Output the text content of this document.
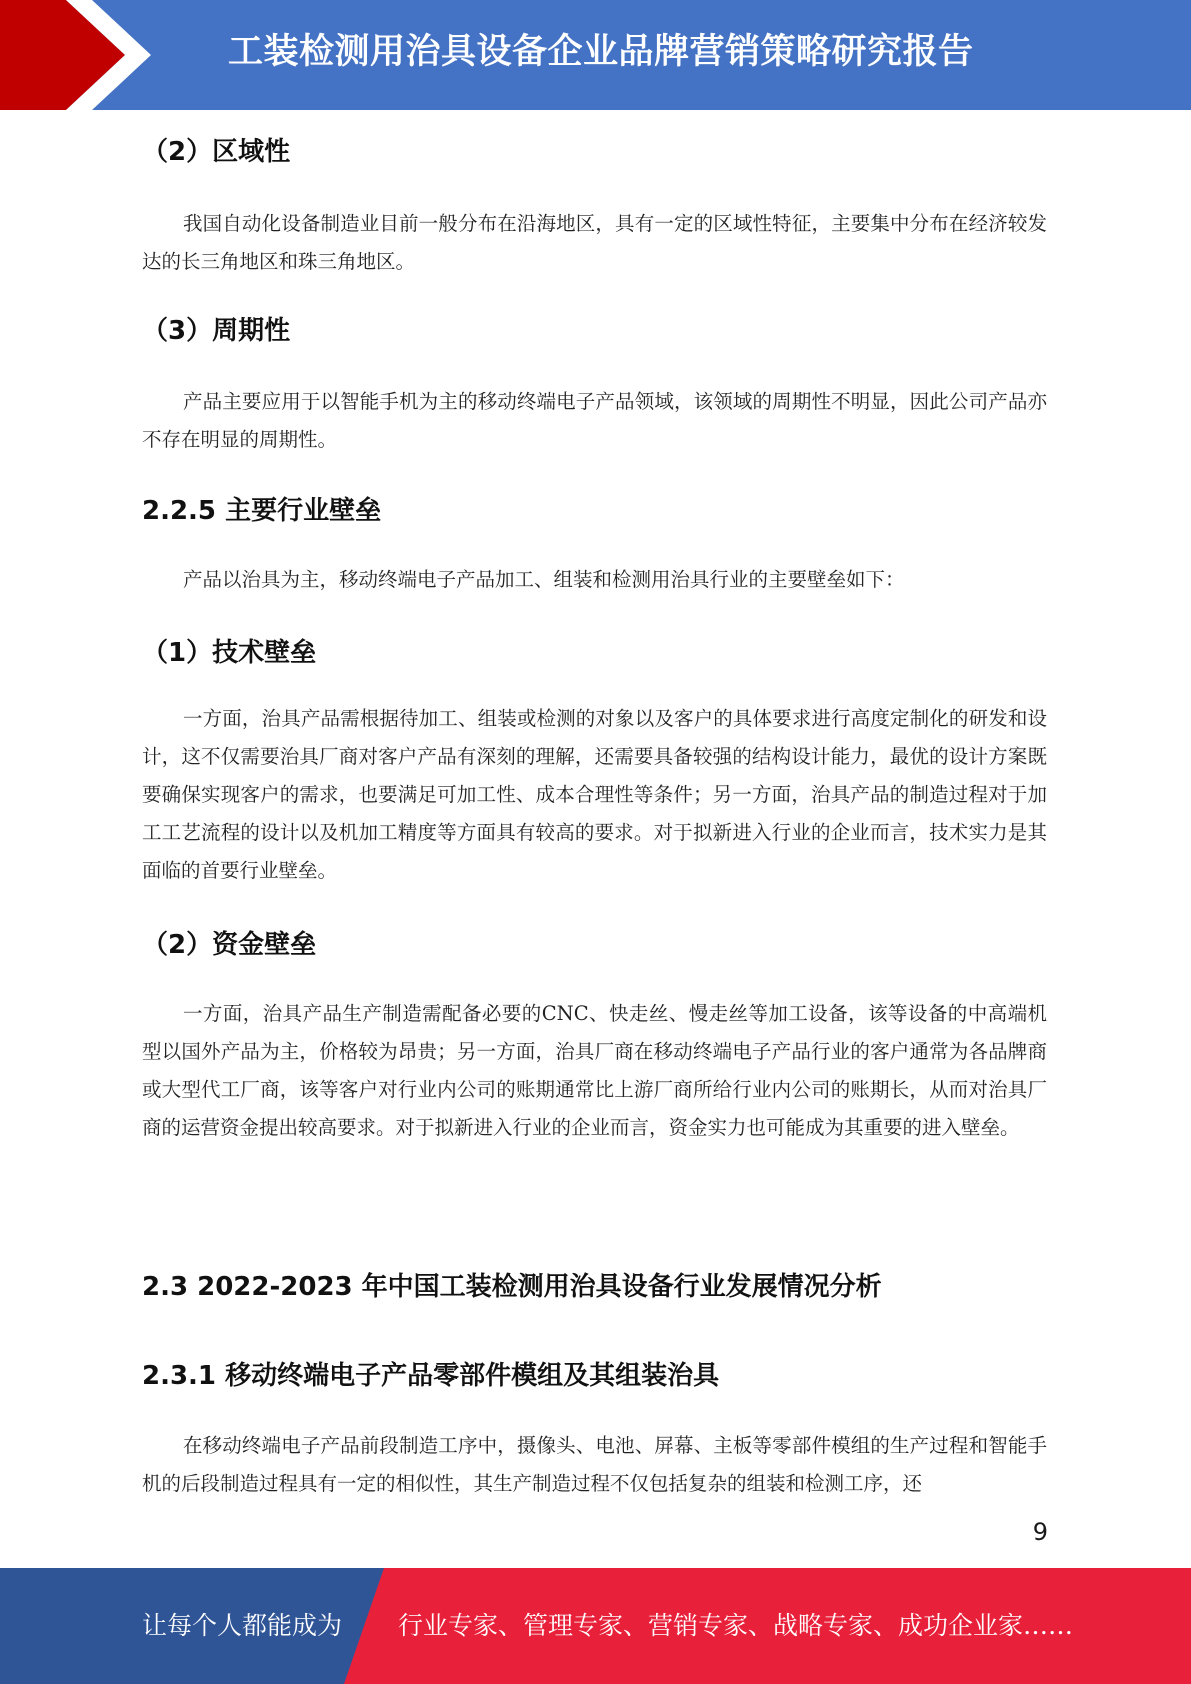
工装检测用治具设备企业品牌营销策略研究报告
（2）区域性
我国自动化设备制造业目前一般分布在沿海地区，具有一定的区域性特征，主要集中分布在经济较发达的长三角地区和珠三角地区。
（3）周期性
产品主要应用于以智能手机为主的移动终端电子产品领域，该领域的周期性不明显，因此公司产品亦不存在明显的周期性。
2.2.5 主要行业壁垒
产品以治具为主，移动终端电子产品加工、组装和检测用治具行业的主要壁垒如下：
（1）技术壁垒
一方面，治具产品需根据待加工、组装或检测的对象以及客户的具体要求进行高度定制化的研发和设计，这不仅需要治具厂商对客户产品有深刻的理解，还需要具备较强的结构设计能力，最优的设计方案既要确保实现客户的需求，也要满足可加工性、成本合理性等条件；另一方面，治具产品的制造过程对于加工工艺流程的设计以及机加工精度等方面具有较高的要求。对于拟新进入行业的企业而言，技术实力是其面临的首要行业壁垒。
（2）资金壁垒
一方面，治具产品生产制造需配备必要的CNC、快走丝、慢走丝等加工设备，该等设备的中高端机型以国外产品为主，价格较为昂贵；另一方面，治具厂商在移动终端电子产品行业的客户通常为各品牌商或大型代工厂商，该等客户对行业内公司的账期通常比上游厂商所给行业内公司的账期长，从而对治具厂商的运营资金提出较高要求。对于拟新进入行业的企业而言，资金实力也可能成为其重要的进入壁垒。
2.3 2022-2023 年中国工装检测用治具设备行业发展情况分析
2.3.1 移动终端电子产品零部件模组及其组装治具
在移动终端电子产品前段制造工序中，摄像头、电池、屏幕、主板等零部件模组的生产过程和智能手机的后段制造过程具有一定的相似性，其生产制造过程不仅包括复杂的组装和检测工序，还
9
让每个人都能成为 行业专家、管理专家、营销专家、战略专家、成功企业家……
